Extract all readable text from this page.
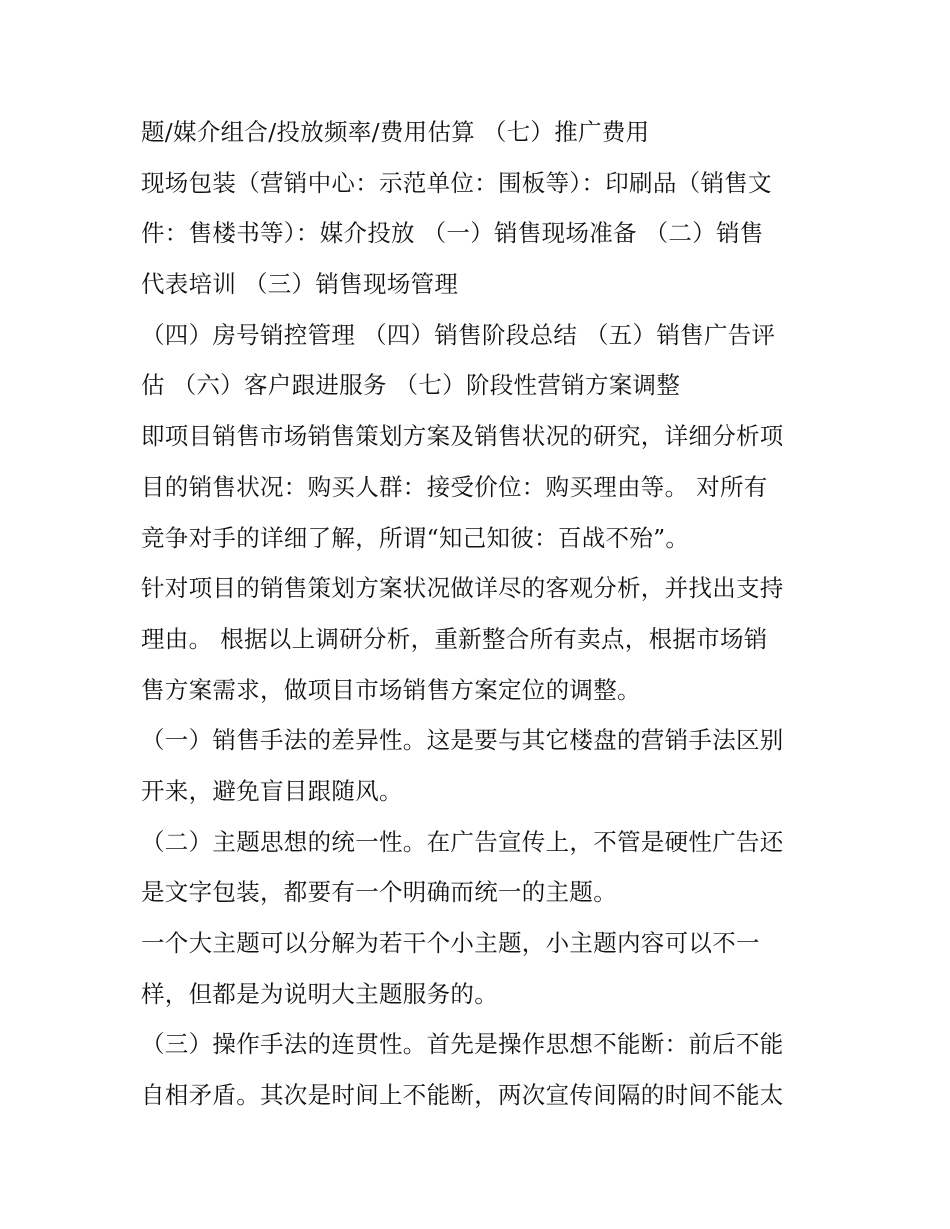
题/媒介组合/投放频率/费用估算 （七）推广费用
现场包装（营销中心：示范单位：围板等）：印刷品（销售文
件：售楼书等）：媒介投放 （一）销售现场准备 （二）销售
代表培训 （三）销售现场管理
（四）房号销控管理 （四）销售阶段总结 （五）销售广告评
估 （六）客户跟进服务 （七）阶段性营销方案调整
即项目销售市场销售策划方案及销售状况的研究，详细分析项
目的销售状况：购买人群：接受价位：购买理由等。 对所有
竞争对手的详细了解，所谓“知己知彼：百战不殆”。
针对项目的销售策划方案状况做详尽的客观分析，并找出支持
理由。 根据以上调研分析，重新整合所有卖点，根据市场销
售方案需求，做项目市场销售方案定位的调整。
（一）销售手法的差异性。这是要与其它楼盘的营销手法区别
开来，避免盲目跟随风。
（二）主题思想的统一性。在广告宣传上，不管是硬性广告还
是文字包装，都要有一个明确而统一的主题。
一个大主题可以分解为若干个小主题，小主题内容可以不一
样，但都是为说明大主题服务的。
（三）操作手法的连贯性。首先是操作思想不能断：前后不能
自相矛盾。其次是时间上不能断，两次宣传间隔的时间不能太
